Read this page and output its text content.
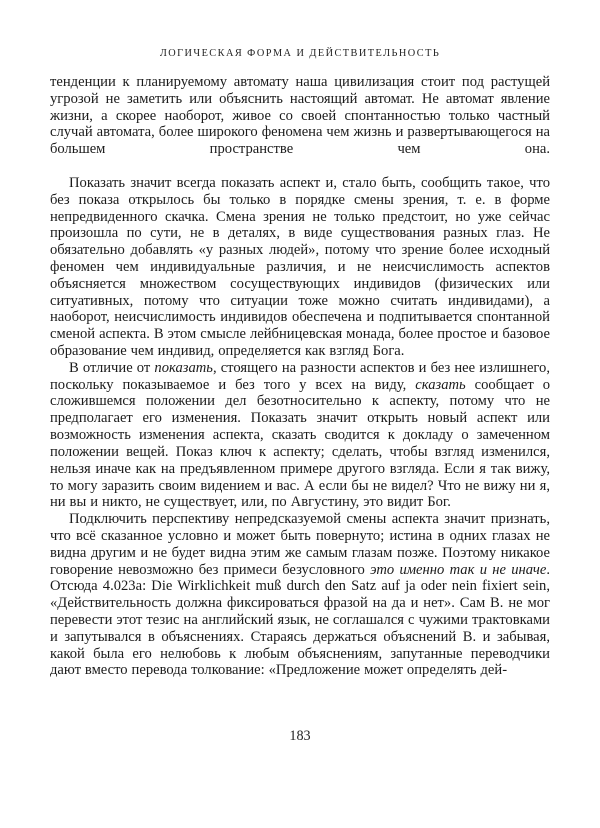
ЛОГИЧЕСКАЯ ФОРМА И ДЕЙСТВИТЕЛЬНОСТЬ

тенденции к планируемому автомату наша цивилизация стоит под растущей угрозой не заметить или объяснить настоящий автомат. Не автомат явление жизни, а скорее наоборот, живое со своей спонтанностью только частный случай автомата, более широкого феномена чем жизнь и развертывающегося на большем пространстве чем она.

Показать значит всегда показать аспект и, стало быть, сообщить такое, что без показа открылось бы только в порядке смены зрения, т. е. в форме непредвиденного скачка. Смена зрения не только предстоит, но уже сейчас произошла по сути, не в деталях, в виде существования разных глаз. Не обязательно добавлять «у разных людей», потому что зрение более исходный феномен чем индивидуальные различия, и не неисчислимость аспектов объясняется множеством сосуществующих индивидов (физических или ситуативных, потому что ситуации тоже можно считать индивидами), а наоборот, неисчислимость индивидов обеспечена и подпитывается спонтанной сменой аспекта. В этом смысле лейбницевская монада, более простое и базовое образование чем индивид, определяется как взгляд Бога.

В отличие от показать, стоящего на разности аспектов и без нее излишнего, поскольку показываемое и без того у всех на виду, сказать сообщает о сложившемся положении дел безотносительно к аспекту, потому что не предполагает его изменения. Показать значит открыть новый аспект или возможность изменения аспекта, сказать сводится к докладу о замеченном положении вещей. Показ ключ к аспекту; сделать, чтобы взгляд изменился, нельзя иначе как на предъявленном примере другого взгляда. Если я так вижу, то могу заразить своим видением и вас. А если бы не видел? Что не вижу ни я, ни вы и никто, не существует, или, по Августину, это видит Бог.

Подключить перспективу непредсказуемой смены аспекта значит признать, что всё сказанное условно и может быть повернуто; истина в одних глазах не видна другим и не будет видна этим же самым глазам позже. Поэтому никакое говорение невозможно без примеси безусловного это именно так и не иначе. Отсюда 4.023a: Die Wirklichkeit muß durch den Satz auf ja oder nein fixiert sein, «Действительность должна фиксироваться фразой на да и нет». Сам В. не мог перевести этот тезис на английский язык, не соглашался с чужими трактовками и запутывался в объяснениях. Стараясь держаться объяснений В. и забывая, какой была его нелюбовь к любым объяснениям, запутанные переводчики дают вместо перевода толкование: «Предложение может определять дей-

183
